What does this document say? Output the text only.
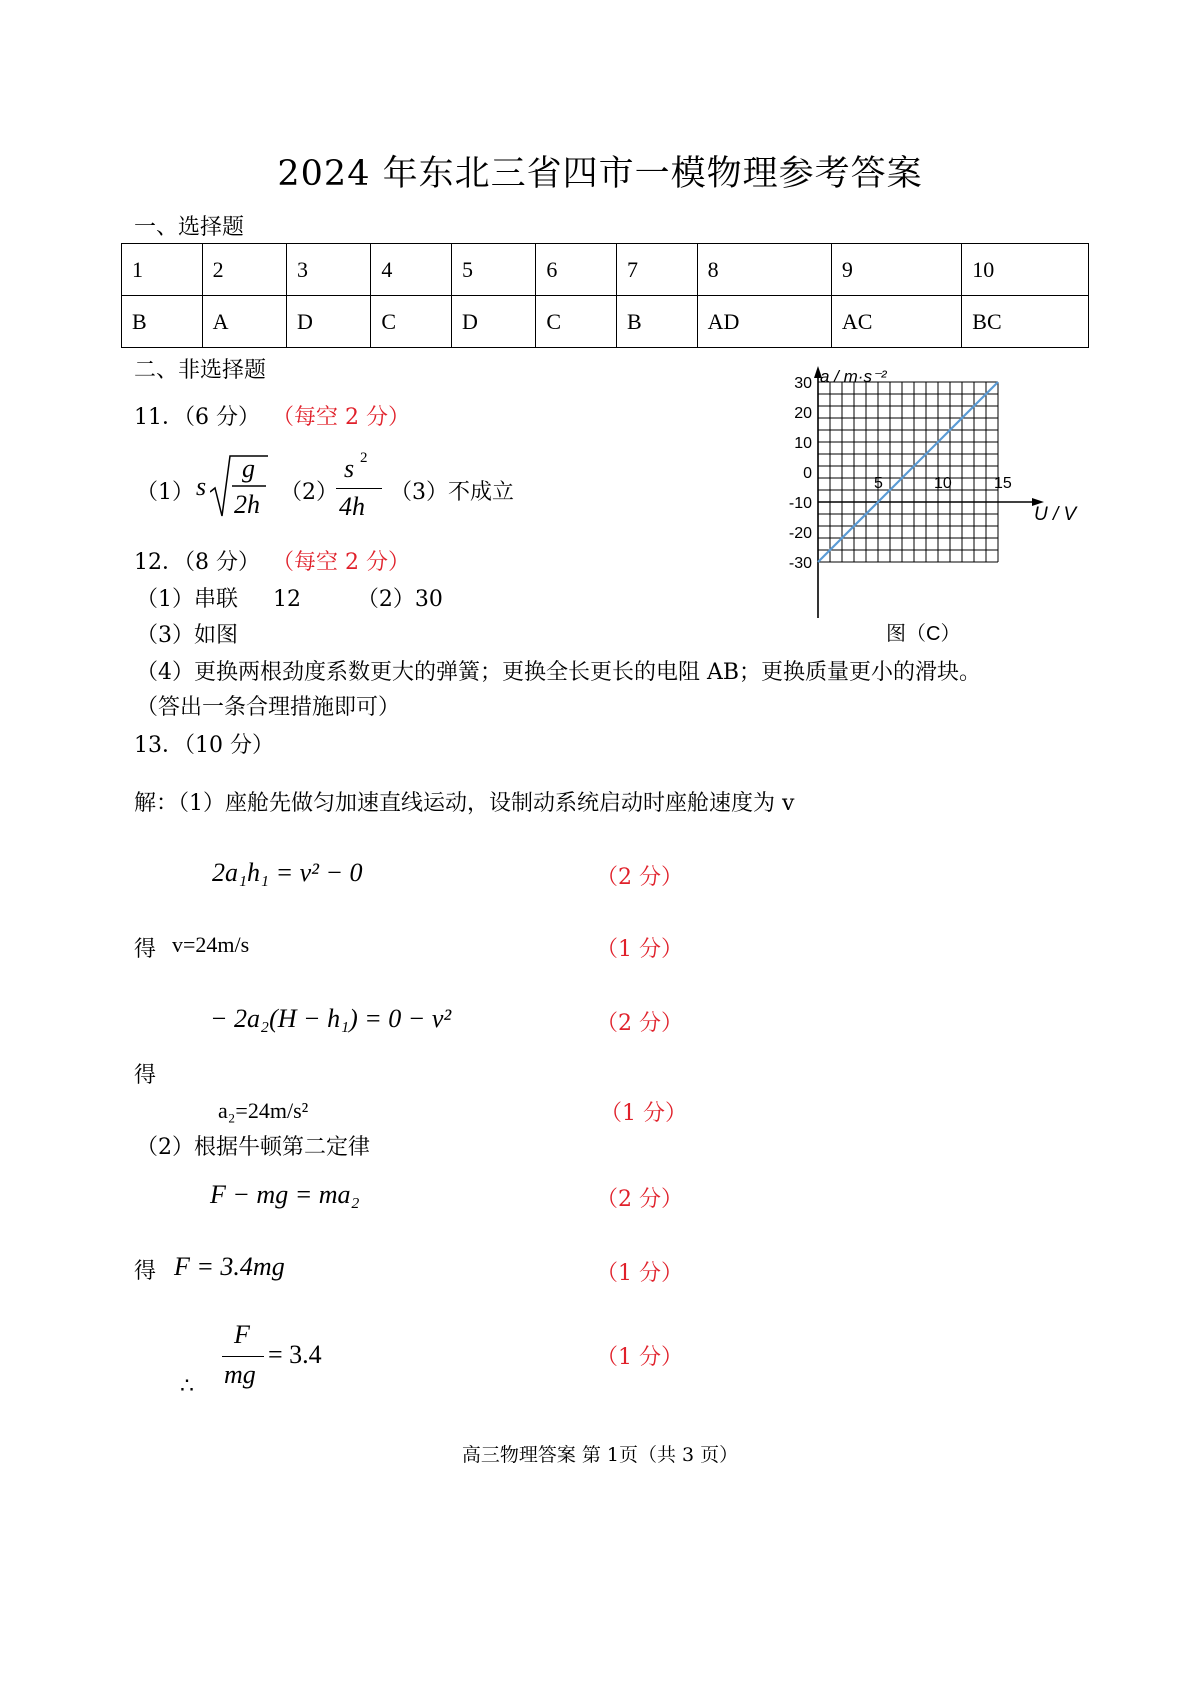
2024 年东北三省四市一模物理参考答案
一、选择题
1	2	3	4	5	6	7	8	9	10
B	A	D	C	D	C	B	AD	AC	BC
二、非选择题
11．（6 分） （每空 2 分）
（1） s
g
2h （2）
s 2
4h （3）不成立
12．（8 分） （每空 2 分）
（1）串联     12        （2）30
（3）如图
（4）更换两根劲度系数更大的弹簧；更换全长更长的电阻 AB；更换质量更小的滑块。
（答出一条合理措施即可）
30
20
10
0
-10
-20
-30
5	10	15
a / m·s⁻²
U / V
图（C）
13．（10 分）
解：（1）座舱先做匀加速直线运动，设制动系统启动时座舱速度为 v
2a₁h₁ = v² − 0	（2 分）
得 v=24m/s	（1 分）
− 2a₂(H − h₁) = 0 − v²	（2 分）
得
a₂=24m/s²	（1 分）
（2）根据牛顿第二定律
F − mg = ma₂	（2 分）
得 F = 3.4mg	（1 分）
F
mg
= 3.4
∴
（1 分）
高三物理答案 第 1页（共 3 页）
